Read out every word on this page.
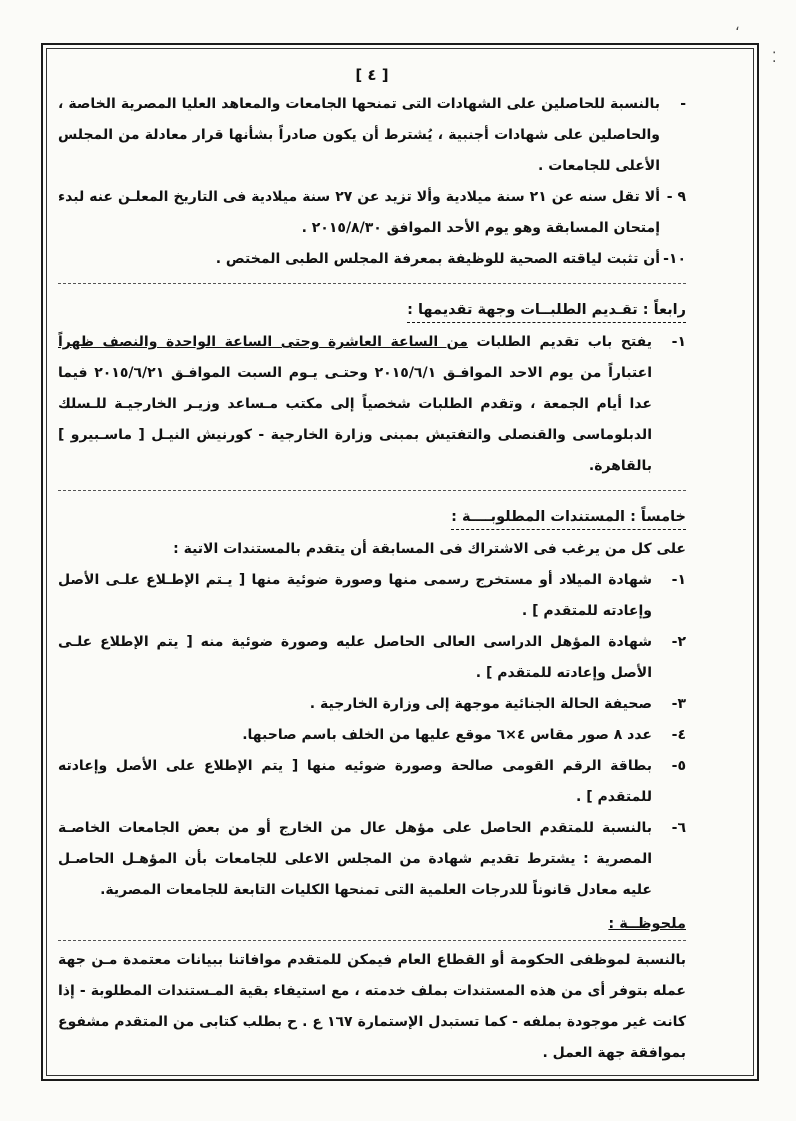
،
⁚
[ ٤ ]
-
بالنسبة للحاصلين على الشهادات التى تمنحها الجامعات والمعاهد العليا المصرية الخاصة ، والحاصلين على شهادات أجنبية ، يُشترط أن يكون صادراً بشأنها قرار معادلة من المجلس الأعلى للجامعات .
٩ -
ألا تقل سنه عن ٢١ سنة ميلادية وألا تزيد عن ٢٧ سنة ميلادية فى التاريخ المعلـن عنه لبدء إمتحان المسابقة وهو يوم الأحد الموافق ٢٠١٥/٨/٣٠ .
١٠-
أن تثبت لياقته الصحية للوظيفة بمعرفة المجلس الطبى المختص .
رابعاً : تقـديم الطلبــات وجهة تقديمها :
١-
يفتح باب تقديم الطلبات من الساعة العاشرة وحتى الساعة الواحدة والنصف ظهراً اعتباراً من يوم الاحد الموافـق ٢٠١٥/٦/١ وحتـى يـوم السبت الموافـق ٢٠١٥/٦/٢١ فيما عدا أيام الجمعة ، وتقدم الطلبات شخصياً إلى مكتب مـساعد وزيـر الخارجيـة للـسلك الدبلوماسى والقنصلى والتفتيش بمبنى وزارة الخارجية - كورنيش النيـل [ ماسـبيرو ] بالقاهرة.
خامساً : المستندات المطلوبــــة :
على كل من يرغب فى الاشتراك فى المسابقة أن يتقدم بالمستندات الاتية :
١-
شهادة الميلاد أو مستخرج رسمى منها وصورة ضوئية منها [ يـتم الإطـلاع علـى الأصل وإعادته للمتقدم ] .
٢-
شهادة المؤهل الدراسى العالى الحاصل عليه وصورة ضوئية منه [ يتم الإطلاع علـى الأصل وإعادته للمتقدم ] .
٣-
صحيفة الحالة الجنائية موجهة إلى وزارة الخارجية .
٤-
عدد ٨ صور مقاس ٤×٦ موقع عليها من الخلف باسم صاحبها.
٥-
بطاقة الرقم القومى صالحة وصورة ضوئيه منها [ يتم الإطلاع على الأصل وإعادته للمتقدم ] .
٦-
بالنسبة للمتقدم الحاصل على مؤهل عال من الخارج أو من بعض الجامعات الخاصـة المصرية : يشترط تقديم شهادة من المجلس الاعلى للجامعات بأن المؤهـل الحاصـل عليه معادل قانوناً للدرجات العلمية التى تمنحها الكليات التابعة للجامعات المصرية.
ملحوظــة :
بالنسبة لموظفى الحكومة أو القطاع العام فيمكن للمتقدم موافاتنا ببيانات معتمدة مـن جهة عمله بتوفر أى من هذه المستندات بملف خدمته ، مع استيفاء بقية المـستندات المطلوبة - إذا كانت غير موجودة بملفه - كما تستبدل الإستمارة ١٦٧ ع . ح بطلب كتابى من المتقدم مشفوع بموافقة جهة العمل .
